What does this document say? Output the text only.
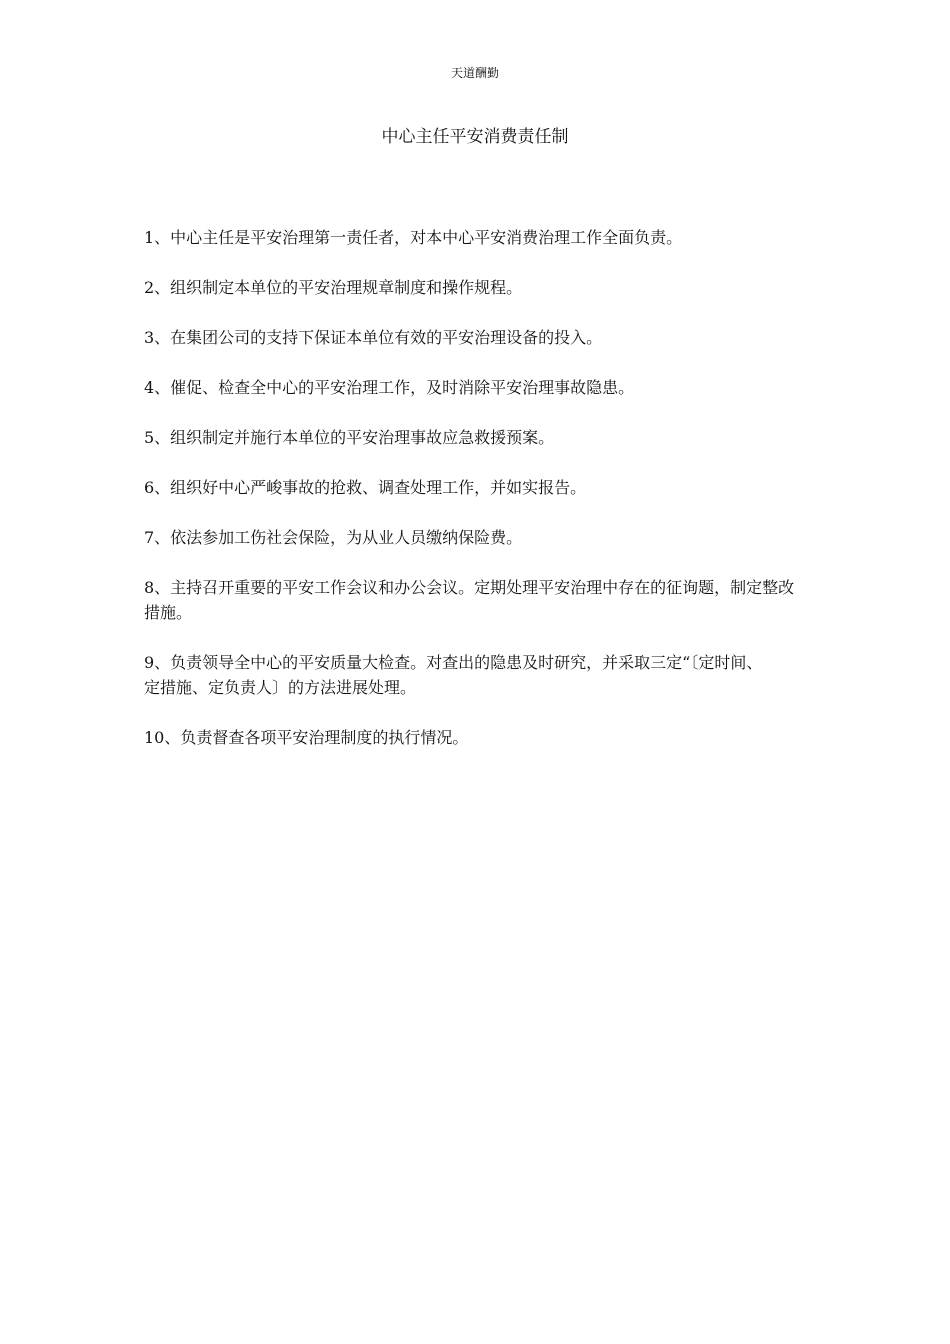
天道酬勤
中心主任平安消费责任制
1、中心主任是平安治理第一责任者，对本中心平安消费治理工作全面负责。
2、组织制定本单位的平安治理规章制度和操作规程。
3、在集团公司的支持下保证本单位有效的平安治理设备的投入。
4、催促、检查全中心的平安治理工作，及时消除平安治理事故隐患。
5、组织制定并施行本单位的平安治理事故应急救援预案。
6、组织好中心严峻事故的抢救、调查处理工作，并如实报告。
7、依法参加工伤社会保险，为从业人员缴纳保险费。
8、主持召开重要的平安工作会议和办公会议。定期处理平安治理中存在的征询题，制定整改措施。
9、负责领导全中心的平安质量大检查。对查出的隐患及时研究，并采取三定“〔定时间、定措施、定负责人〕的方法进展处理。
10、负责督查各项平安治理制度的执行情况。
